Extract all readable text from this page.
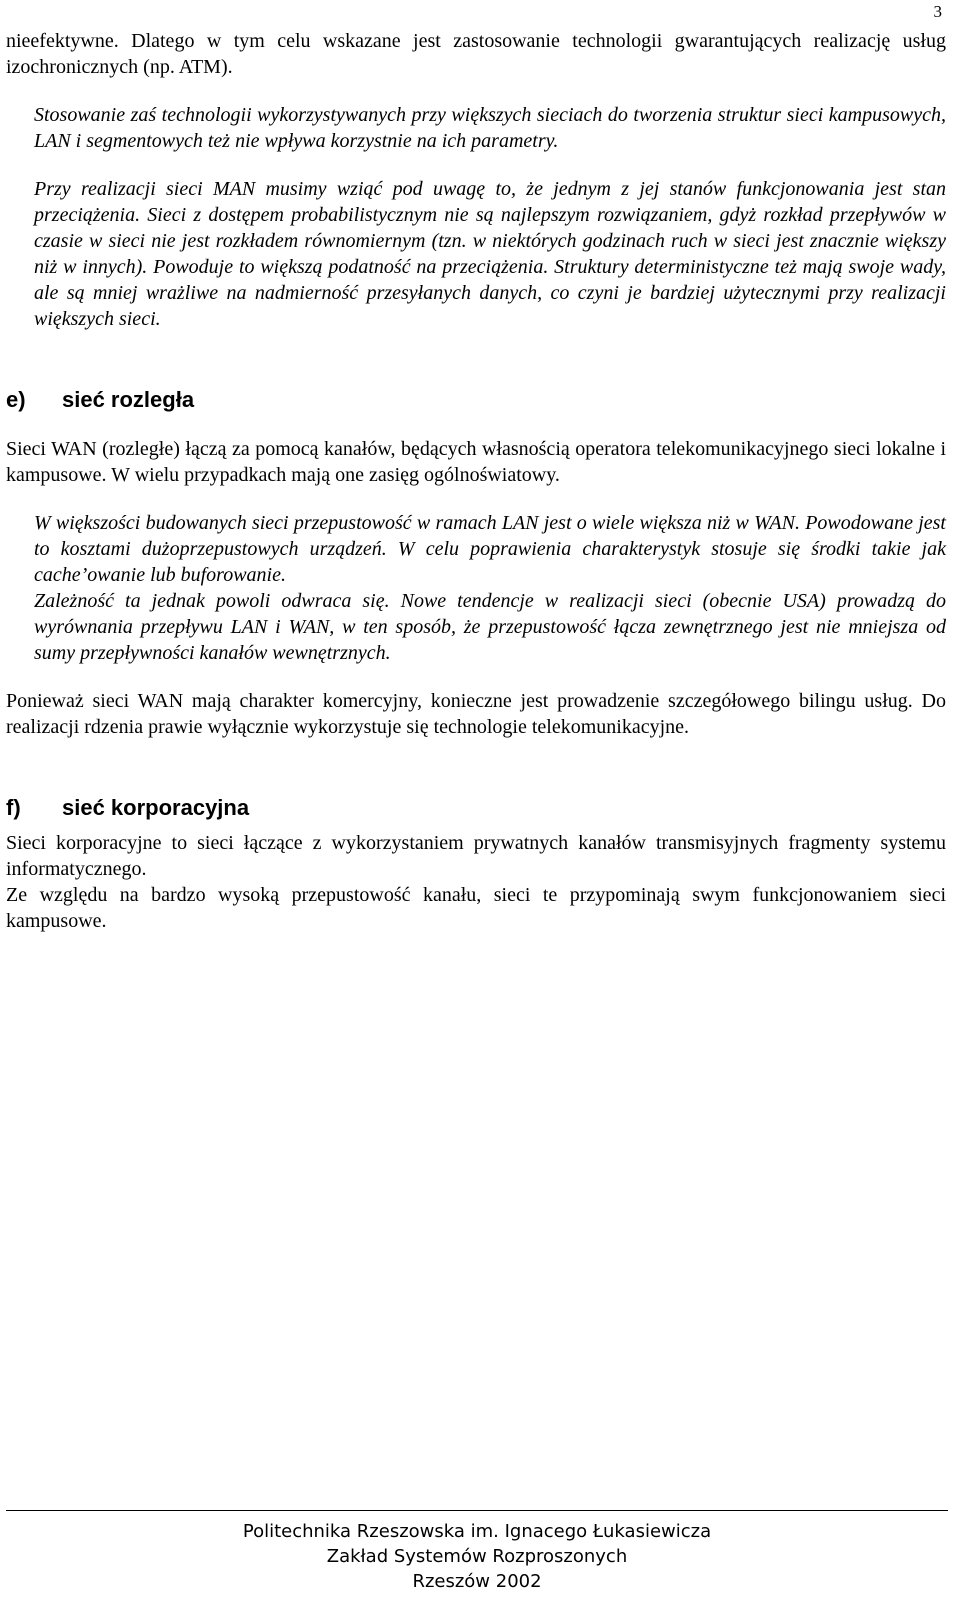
3

nieefektywne. Dlatego w tym celu wskazane jest zastosowanie technologii gwarantujących realizację usług izochronicznych (np. ATM).

Stosowanie zaś technologii wykorzystywanych przy większych sieciach do tworzenia struktur sieci kampusowych, LAN i segmentowych też nie wpływa korzystnie na ich parametry.

Przy realizacji sieci MAN musimy wziąć pod uwagę to, że jednym z jej stanów funkcjonowania jest stan przeciążenia. Sieci z dostępem probabilistycznym nie są najlepszym rozwiązaniem, gdyż rozkład przepływów w czasie w sieci nie jest rozkładem równomiernym (tzn. w niektórych godzinach ruch w sieci jest znacznie większy niż w innych). Powoduje to większą podatność na przeciążenia. Struktury deterministyczne też mają swoje wady, ale są mniej wrażliwe na nadmierność przesyłanych danych, co czyni je bardziej użytecznymi przy realizacji większych sieci.

e) sieć rozległa

Sieci WAN (rozległe) łączą za pomocą kanałów, będących własnością operatora telekomunikacyjnego sieci lokalne i kampusowe. W wielu przypadkach mają one zasięg ogólnoświatowy.

W większości budowanych sieci przepustowość w ramach LAN jest o wiele większa niż w WAN. Powodowane jest to kosztami dużoprzepustowych urządzeń. W celu poprawienia charakterystyk stosuje się środki takie jak cache’owanie lub buforowanie.

Zależność ta jednak powoli odwraca się. Nowe tendencje w realizacji sieci (obecnie USA) prowadzą do wyrównania przepływu LAN i WAN, w ten sposób, że przepustowość łącza zewnętrznego jest nie mniejsza od sumy przepływności kanałów wewnętrznych.

Ponieważ sieci WAN mają charakter komercyjny, konieczne jest prowadzenie szczegółowego bilingu usług. Do realizacji rdzenia prawie wyłącznie wykorzystuje się technologie telekomunikacyjne.

f) sieć korporacyjna

Sieci korporacyjne to sieci łączące z wykorzystaniem prywatnych kanałów transmisyjnych fragmenty systemu informatycznego.

Ze względu na bardzo wysoką przepustowość kanału, sieci te przypominają swym funkcjonowaniem sieci kampusowe.

Politechnika Rzeszowska im. Ignacego Łukasiewicza
Zakład Systemów Rozproszonych
Rzeszów 2002
